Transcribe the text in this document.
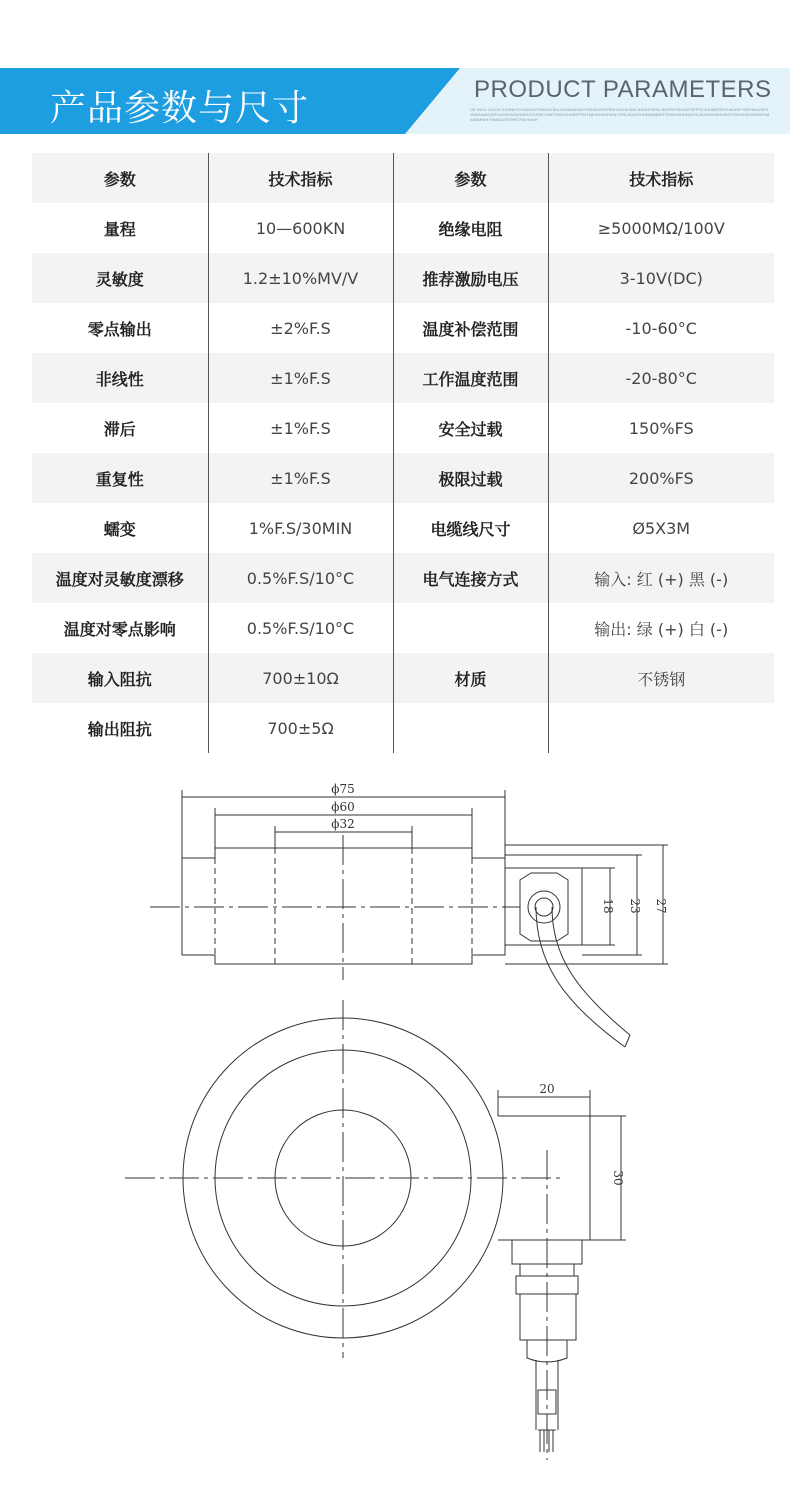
产品参数与尺寸	PRODUCT PARAMETERS
OE INOX JGLDS EGSNHTGHAMIOITHNGDEIEILGEMAMOIMYHSDRLGNTRRKTADHLHNKJNDHTDEIDLBMJFIOSKDDFOPPSCJGHMDRRCHAUIHFYDEHIALDESIGMIHAMIGEIFLINSDHUNEASHGGIFNKCIMRTINDHXNIRKPFNTMENHSWPKHLYDSLHOMTIHHBMWBSRTRSAGWIDEMFGLNOHMHSKWRVDTSEWLEODNREHMAKBMNIHTHMADDRTHRTZNLHHAH
参数	技术指标	参数	技术指标
量程	10—600KN	绝缘电阻	≥5000MΩ/100V
灵敏度	1.2±10%MV/V	推荐激励电压	3-10V(DC)
零点输出	±2%F.S	温度补偿范围	-10-60°C
非线性	±1%F.S	工作温度范围	-20-80°C
滞后	±1%F.S	安全过载	150%FS
重复性	±1%F.S	极限过载	200%FS
蠕变	1%F.S/30MIN	电缆线尺寸	Ø5X3M
温度对灵敏度漂移	0.5%F.S/10°C	电气连接方式	输入: 红 (+) 黑 (-)
温度对零点影响	0.5%F.S/10°C		输出: 绿 (+) 白 (-)
输入阻抗	700±10Ω	材质	不锈钢
输出阻抗	700±5Ω		
ϕ75
ϕ60
ϕ32
18 23 27
20
30
